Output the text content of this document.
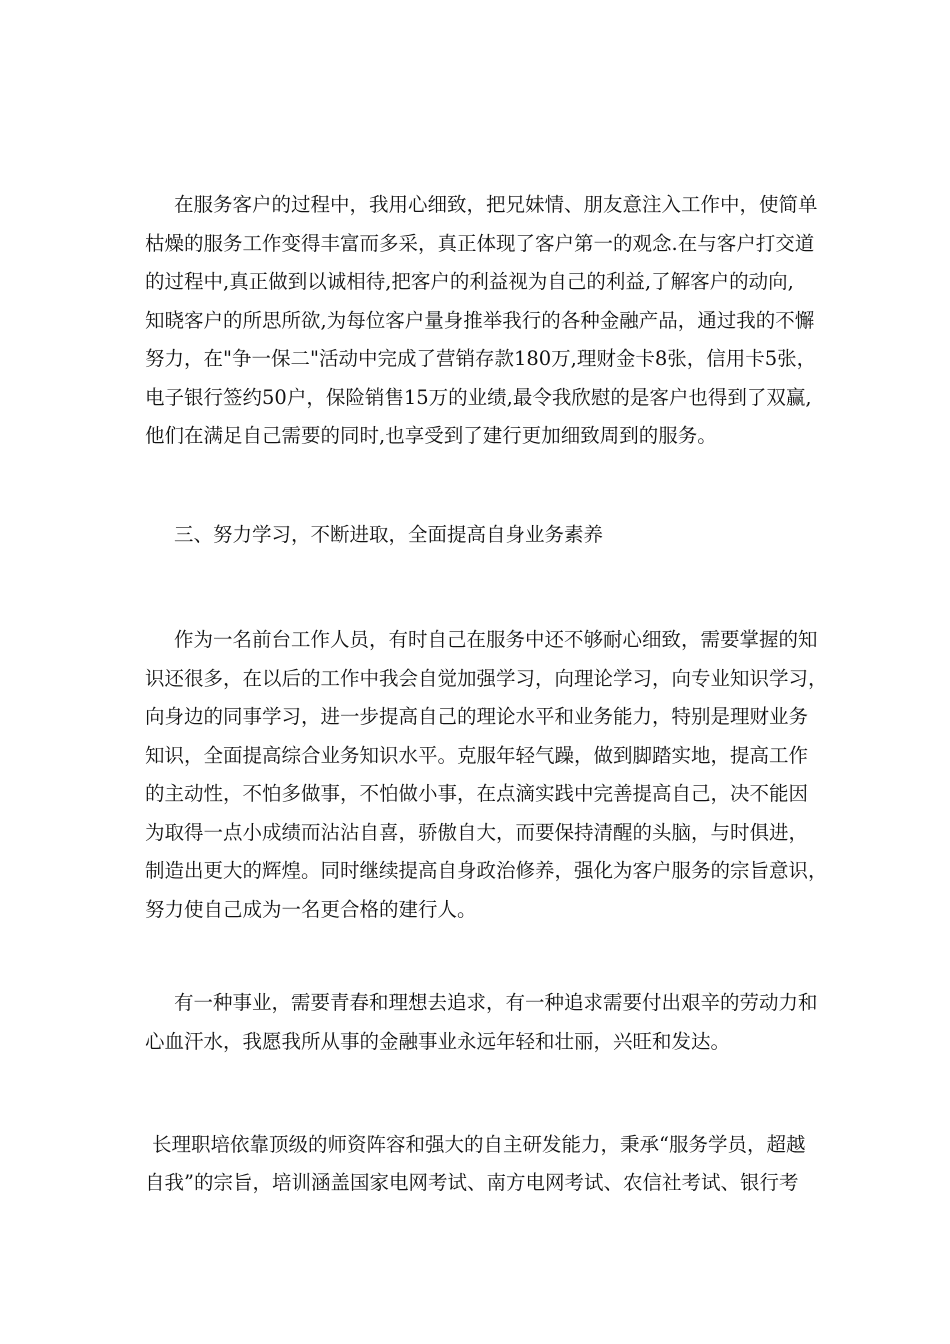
在服务客户的过程中，我用心细致，把兄妹情、朋友意注入工作中，使简单
枯燥的服务工作变得丰富而多采，真正体现了客户第一的观念.在与客户打交道
的过程中,真正做到以诚相待,把客户的利益视为自己的利益,了解客户的动向,
知晓客户的所思所欲,为每位客户量身推举我行的各种金融产品，通过我的不懈
努力，在"争一保二"活动中完成了营销存款180万,理财金卡8张，信用卡5张，
电子银行签约50户，保险销售15万的业绩,最令我欣慰的是客户也得到了双赢,
他们在满足自己需要的同时,也享受到了建行更加细致周到的服务。
三、努力学习，不断进取，全面提高自身业务素养
作为一名前台工作人员，有时自己在服务中还不够耐心细致，需要掌握的知
识还很多，在以后的工作中我会自觉加强学习，向理论学习，向专业知识学习，
向身边的同事学习，进一步提高自己的理论水平和业务能力，特别是理财业务
知识，全面提高综合业务知识水平。克服年轻气躁，做到脚踏实地，提高工作
的主动性，不怕多做事，不怕做小事，在点滴实践中完善提高自己，决不能因
为取得一点小成绩而沾沾自喜，骄傲自大，而要保持清醒的头脑，与时俱进，
制造出更大的辉煌。同时继续提高自身政治修养，强化为客户服务的宗旨意识，
努力使自己成为一名更合格的建行人。
有一种事业，需要青春和理想去追求，有一种追求需要付出艰辛的劳动力和
心血汗水，我愿我所从事的金融事业永远年轻和壮丽，兴旺和发达。
长理职培依靠顶级的师资阵容和强大的自主研发能力，秉承“服务学员，超越
自我”的宗旨，培训涵盖国家电网考试、南方电网考试、农信社考试、银行考
